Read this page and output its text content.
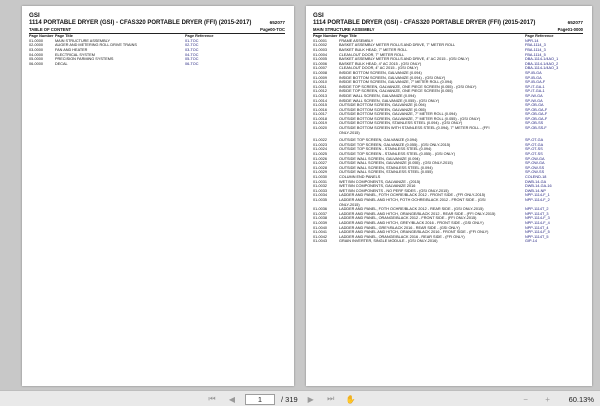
GSI
1114 PORTABLE DRYER (GSI) - CFAS320 PORTABLE DRYER (FFI) (2015-2017)	652077
TABLE OF CONTENT	Page00-TOC
Page Number Page Title	Page Reference
01-0000	MAIN STRUCTURE ASSEMBLY	01-TOC
02-0000	AUGER AND METERING ROLL DRIVE TRAINS	02-TOC
03-0000	FAN AND HEATER	03-TOC
04-0000	ELECTRICAL SYSTEM	04-TOC
05-0000	PRECISION FARMING SYSTEMS	05-TOC
06-0000	DECAL	06-TOC
GSI
1114 PORTABLE DRYER (GSI) - CFAS320 PORTABLE DRYER (FFI) (2015-2017)	652077
MAIN STRUCTURE ASSEMBLY	Page01-0000
Page Number Page Title	Page Reference
01-0001	FRAME ASSEMBLY	NPR-14
01-0002	BASKET ASSEMBLY METER ROLLS AND DRIVE, 7" METER ROLL	FBA-1114_3
01-0003	BASKET BULK HEAD, 7" METER ROLL	FBA-1114_3
01-0004	CLEAN-OUT DOOR, 7" METER ROLL	FBA-1114_5
01-0005	BASKET ASSEMBLY METER ROLLS AND DRIVE, 4" AC 2015 - (GSI ONLY)	DBA-1114-1/4AO_1
01-0006	BASKET BULK HEAD, 4" AC 2015 - (GSI ONLY)	DBA-1114-1/4AO_2
01-0007	CLEAN-OUT DOOR, 4" AC 2015 - (GSI ONLY)	DBA-1114-1/4AO_3
01-0008	INSIDE BOTTOM SCREEN, GALVANIZE (0.094)	SP-IB-GA
01-0009	INSIDE BOTTOM SCREEN, GALVANIZE (0.094) - (GSI ONLY)	SP-IB-GA
01-0010	INSIDE BOTTOM SCREEN, GALVANIZE, 7" METER ROLL (0.094)	SP-IB-GA-F
01-0011	INSIDE TOP SCREEN, GALVANIZE, ONE PIECE SCREEN (0.055) - (GSI ONLY)	SP-IT-GA-1
01-0012	INSIDE TOP SCREEN, GALVANIZE, ONE PIECE SCREEN (0.055)	SP-IT-GA-1
01-0013	INSIDE WALL SCREEN, GALVANIZE (0.094)	SP-IW-GA
01-0014	INSIDE WALL SCREEN, GALVANIZE (0.055) - (GSI ONLY)	SP-IW-GA
01-0015	OUTSIDE BOTTOM SCREEN, GALVANIZE (0.094)	SP-OB-GA
01-0016	OUTSIDE BOTTOM SCREEN, GALVANIZE (0.055)	SP-OB-GA-F
01-0017	OUTSIDE BOTTOM SCREEN, GALVANIZE, 7" METER ROLL (0.094)	SP-OB-GA-F
01-0018	OUTSIDE BOTTOM SCREEN, GALVANIZE, 7" METER ROLL (0.055) - (GSI ONLY)	SP-OB-GA-F
01-0019	OUTSIDE BOTTOM SCREEN, STAINLESS STEEL (0.094) - (GSI ONLY)	SP-OB-SS
01-0020	OUTSIDE BOTTOM SCREEN WITH STAINLESS STEEL (0.094), 7" METER ROLL - (FFI	SP-OB-SS-F
ONLY-2015)
01-0022	OUTSIDE TOP SCREEN, GALVANIZE (0.094)	SP-OT-GA
01-0023	OUTSIDE TOP SCREEN, GALVANIZE (0.055) - (GSI ONLY-2015)	SP-OT-GA
01-0024	OUTSIDE TOP SCREEN - STAINLESS STEEL (0.094)	SP-OT-SS
01-0025	OUTSIDE TOP SCREEN - STAINLESS STEEL (0.055) - (GSI ONLY)	SP-OT-SS
01-0026	OUTSIDE WALL SCREEN, GALVANIZE (0.094)	SP-OW-GA
01-0027	OUTSIDE WALL SCREEN, GALVANIZE (0.055) - (GSI ONLY-2015)	SP-OW-GA
01-0028	OUTSIDE WALL SCREEN, STAINLESS STEEL (0.094)	SP-OW-SS
01-0029	OUTSIDE WALL SCREEN, STAINLESS STEEL (0.055)	SP-OW-SS
01-0030	COLUMN END PANELS	COLEND-18
01-0031	WET BIN COMPONENTS, GALVANIZE - (2015)	DWB-14-GA
01-0032	WET BIN COMPONENTS, GALVANIZE 2016	DWB-14-GA-16
01-0033	WET BIN COMPONENTS - NO PERF SIDES - (GSI ONLY-2015)	DWB-14-NP
01-0034	LADDER AND PANEL, FOTH OCHRE/BLACK 2012 - FRONT SIDE - (FFI ONLY-2015)	NPP-1114-F_1
01-0035	LADDER AND PANEL AND HITCH, FOTH OCHRE/BLACK 2012 - FRONT SIDE - (GSI	NPP-1114-F_2
ONLY-2015)
01-0036	LADDER AND PANEL, FOTH OCHRE/BLACK 2012 - REAR SIDE - (GSI ONLY-2015)	NPP-1114T_2
01-0037	LADDER AND PANEL AND HITCH, ORANGE/BLACK 2012 - REAR SIDE - (FFI ONLY-2015)	NPP-1114T_3
01-0038	LADDER AND PANEL, ORANGE/BLACK 2012 - FRONT SIDE - (FFI ONLY-2015)	NPP-1114-F_3
01-0039	LADDER AND PANEL AND HITCH, GREY/BLACK 2016 - FRONT SIDE - (GSI ONLY)	NPP-1114-F_4
01-0040	LADDER AND PANEL, GREY/BLACK 2016 - REAR SIDE - (GSI ONLY)	NPP-1114T_4
01-0041	LADDER AND PANEL AND HITCH, ORANGE/BLACK 2016 - FRONT SIDE - (FFI ONLY)	NPP-1114-F_5
01-0042	LADDER AND PANEL, ORANGE/BLACK 2016 - REAR SIDE - (FFI ONLY)	NPP-1114T_5
01-0043	GRAIN INVERTER, SINGLE MODULE - (GSI ONLY-2016)	GIP-14
⏮	◀
1	/ 319	▶	⏭	✋	−	+	60.13%
